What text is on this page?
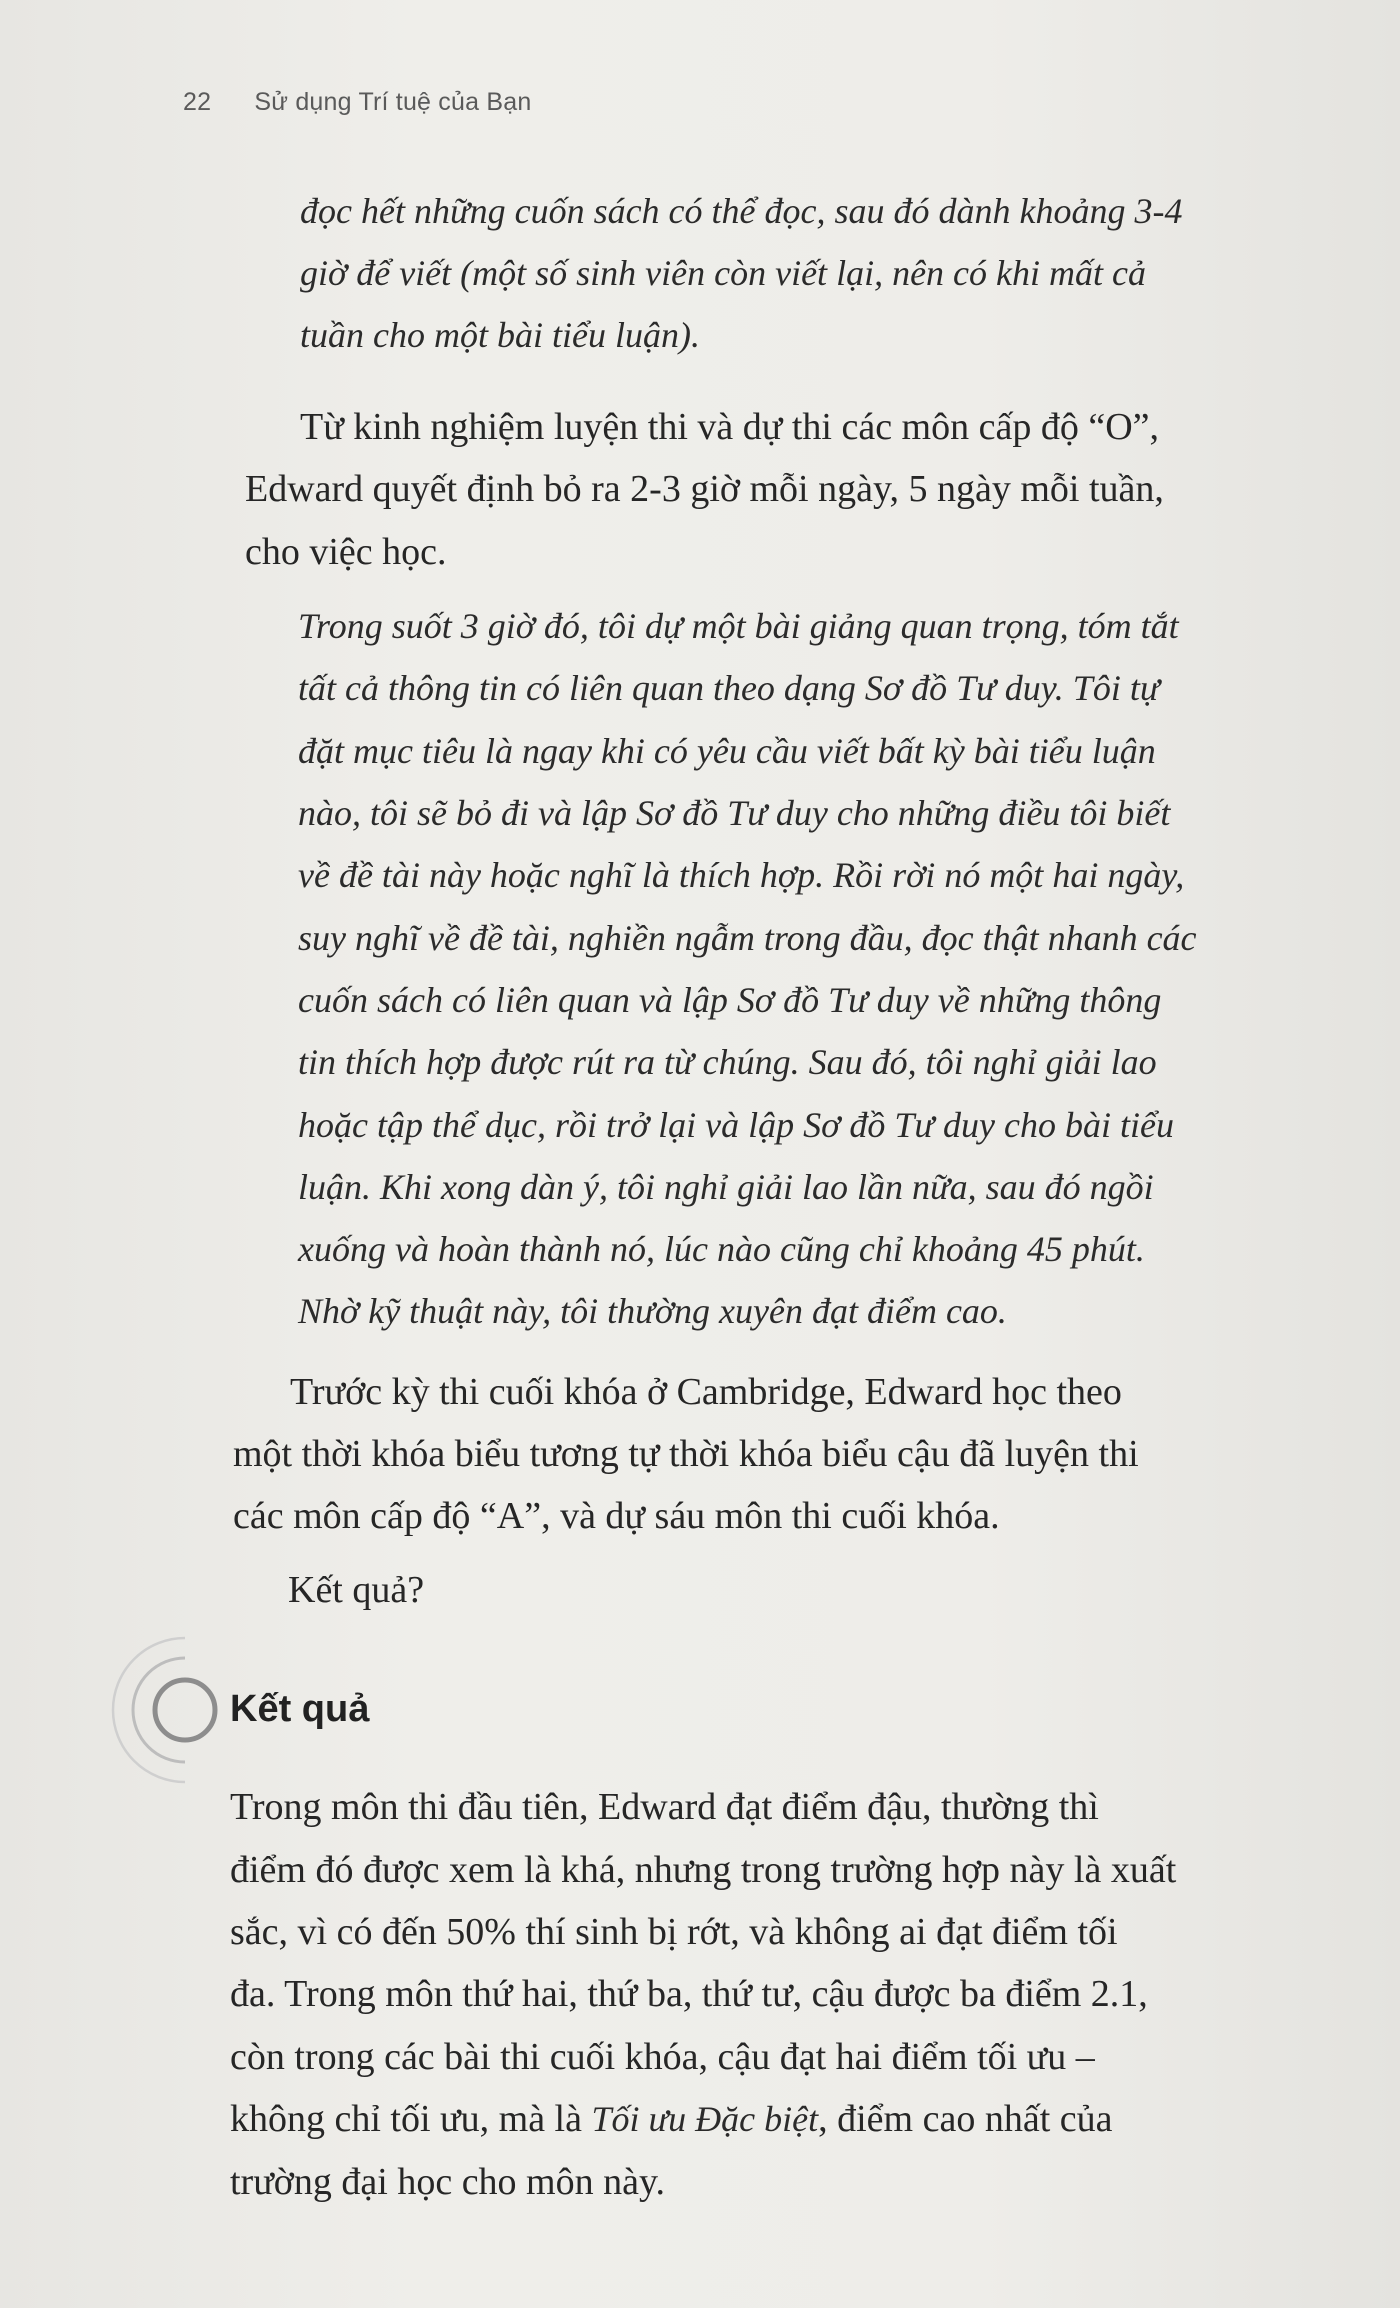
22 Sử dụng Trí tuệ của Bạn
đọc hết những cuốn sách có thể đọc, sau đó dành khoảng 3-4
giờ để viết (một số sinh viên còn viết lại, nên có khi mất cả
tuần cho một bài tiểu luận).
Từ kinh nghiệm luyện thi và dự thi các môn cấp độ “O”,
Edward quyết định bỏ ra 2-3 giờ mỗi ngày, 5 ngày mỗi tuần,
cho việc học.
Trong suốt 3 giờ đó, tôi dự một bài giảng quan trọng, tóm tắt
tất cả thông tin có liên quan theo dạng Sơ đồ Tư duy. Tôi tự
đặt mục tiêu là ngay khi có yêu cầu viết bất kỳ bài tiểu luận
nào, tôi sẽ bỏ đi và lập Sơ đồ Tư duy cho những điều tôi biết
về đề tài này hoặc nghĩ là thích hợp. Rồi rời nó một hai ngày,
suy nghĩ về đề tài, nghiền ngẫm trong đầu, đọc thật nhanh các
cuốn sách có liên quan và lập Sơ đồ Tư duy về những thông
tin thích hợp được rút ra từ chúng. Sau đó, tôi nghỉ giải lao
hoặc tập thể dục, rồi trở lại và lập Sơ đồ Tư duy cho bài tiểu
luận. Khi xong dàn ý, tôi nghỉ giải lao lần nữa, sau đó ngồi
xuống và hoàn thành nó, lúc nào cũng chỉ khoảng 45 phút.
Nhờ kỹ thuật này, tôi thường xuyên đạt điểm cao.
Trước kỳ thi cuối khóa ở Cambridge, Edward học theo
một thời khóa biểu tương tự thời khóa biểu cậu đã luyện thi
các môn cấp độ “A”, và dự sáu môn thi cuối khóa.
Kết quả?
Kết quả
Trong môn thi đầu tiên, Edward đạt điểm đậu, thường thì
điểm đó được xem là khá, nhưng trong trường hợp này là xuất
sắc, vì có đến 50% thí sinh bị rớt, và không ai đạt điểm tối
đa. Trong môn thứ hai, thứ ba, thứ tư, cậu được ba điểm 2.1,
còn trong các bài thi cuối khóa, cậu đạt hai điểm tối ưu –
không chỉ tối ưu, mà là Tối ưu Đặc biệt, điểm cao nhất của
trường đại học cho môn này.
